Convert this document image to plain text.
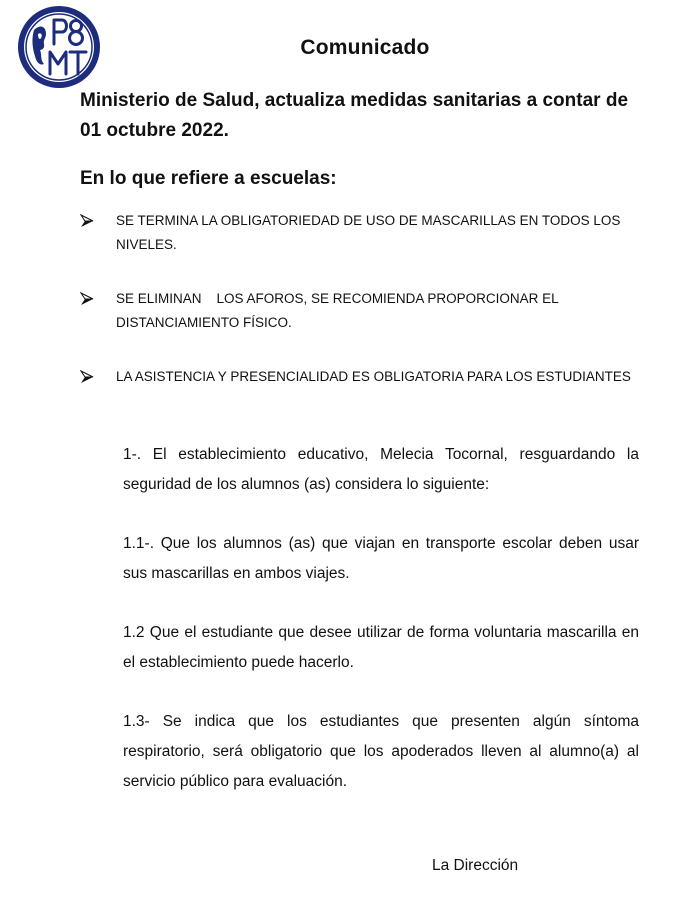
Comunicado
Ministerio de Salud, actualiza medidas sanitarias a contar de 01 octubre 2022.
En lo que refiere a escuelas:
SE TERMINA LA OBLIGATORIEDAD DE USO DE MASCARILLAS EN TODOS LOS NIVELES.
SE ELIMINAN    LOS AFOROS, SE RECOMIENDA PROPORCIONAR EL DISTANCIAMIENTO FÍSICO.
LA ASISTENCIA Y PRESENCIALIDAD ES OBLIGATORIA PARA LOS ESTUDIANTES

1-. El establecimiento educativo, Melecia Tocornal, resguardando la seguridad de los alumnos (as) considera lo siguiente:

1.1-. Que los alumnos (as) que viajan en transporte escolar deben usar sus mascarillas en ambos viajes.

1.2 Que el estudiante que desee utilizar de forma voluntaria mascarilla en el establecimiento puede hacerlo.

1.3- Se indica que los estudiantes que presenten algún síntoma respiratorio, será obligatorio que los apoderados lleven al alumno(a) al servicio público para evaluación.

La Dirección
